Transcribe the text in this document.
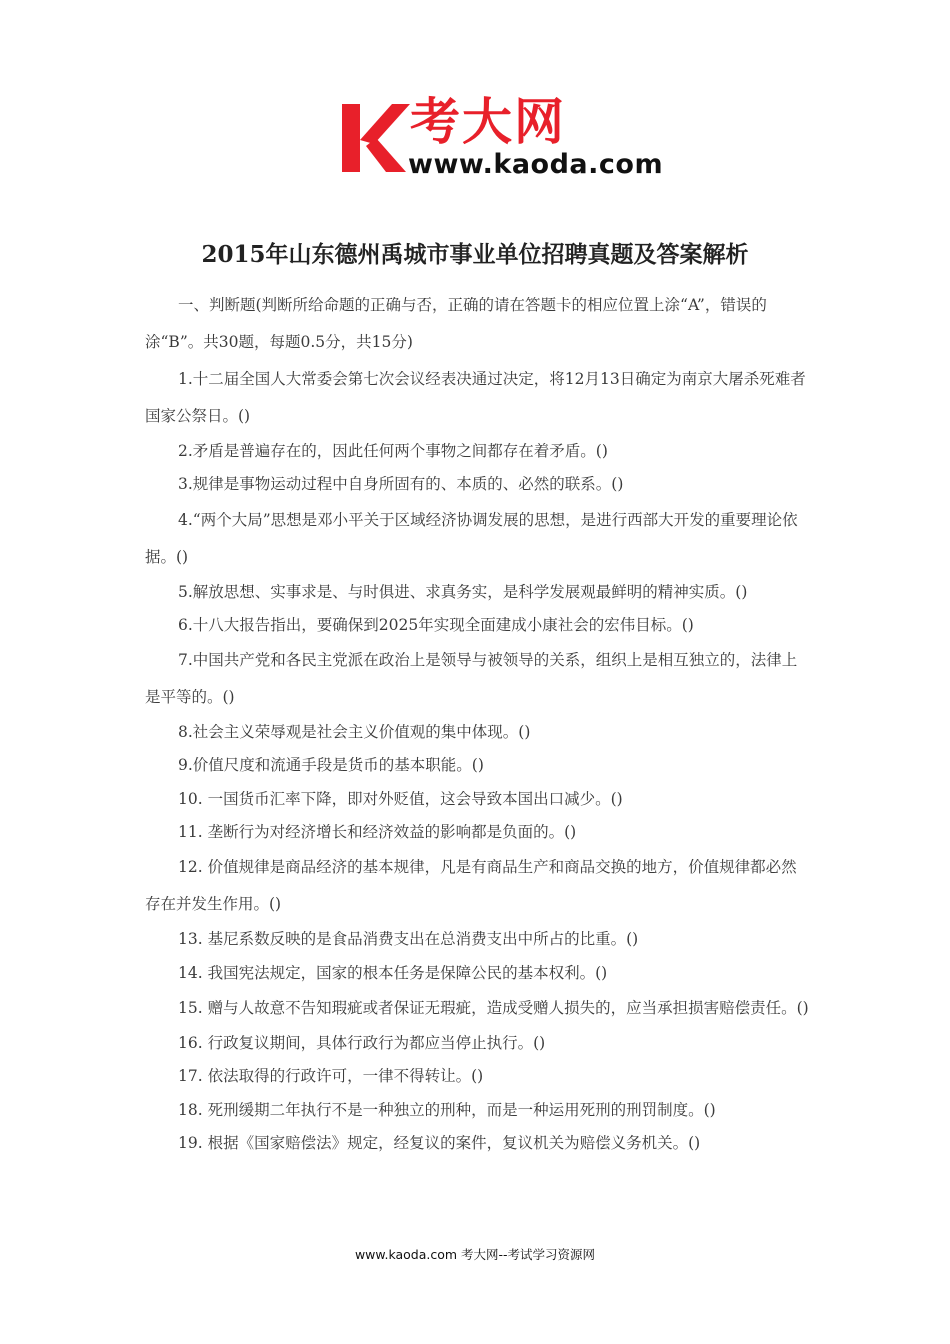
考大网
www.kaoda.com
2015年山东德州禹城市事业单位招聘真题及答案解析

一、判断题(判断所给命题的正确与否，正确的请在答题卡的相应位置上涂“A”，错误的涂“B”。共30题，每题0.5分，共15分)

1.十二届全国人大常委会第七次会议经表决通过决定，将12月13日确定为南京大屠杀死难者国家公祭日。()

2.矛盾是普遍存在的，因此任何两个事物之间都存在着矛盾。()

3.规律是事物运动过程中自身所固有的、本质的、必然的联系。()

4.“两个大局”思想是邓小平关于区域经济协调发展的思想，是进行西部大开发的重要理论依据。()

5.解放思想、实事求是、与时俱进、求真务实，是科学发展观最鲜明的精神实质。()

6.十八大报告指出，要确保到2025年实现全面建成小康社会的宏伟目标。()

7.中国共产党和各民主党派在政治上是领导与被领导的关系，组织上是相互独立的，法律上是平等的。()

8.社会主义荣辱观是社会主义价值观的集中体现。()

9.价值尺度和流通手段是货币的基本职能。()

10. 一国货币汇率下降，即对外贬值，这会导致本国出口减少。()

11. 垄断行为对经济增长和经济效益的影响都是负面的。()

12. 价值规律是商品经济的基本规律，凡是有商品生产和商品交换的地方，价值规律都必然存在并发生作用。()

13. 基尼系数反映的是食品消费支出在总消费支出中所占的比重。()

14. 我国宪法规定，国家的根本任务是保障公民的基本权利。()

15. 赠与人故意不告知瑕疵或者保证无瑕疵，造成受赠人损失的，应当承担损害赔偿责任。()

16. 行政复议期间，具体行政行为都应当停止执行。()

17. 依法取得的行政许可，一律不得转让。()

18. 死刑缓期二年执行不是一种独立的刑种，而是一种运用死刑的刑罚制度。()

19. 根据《国家赔偿法》规定，经复议的案件，复议机关为赔偿义务机关。()

www.kaoda.com 考大网--考试学习资源网
